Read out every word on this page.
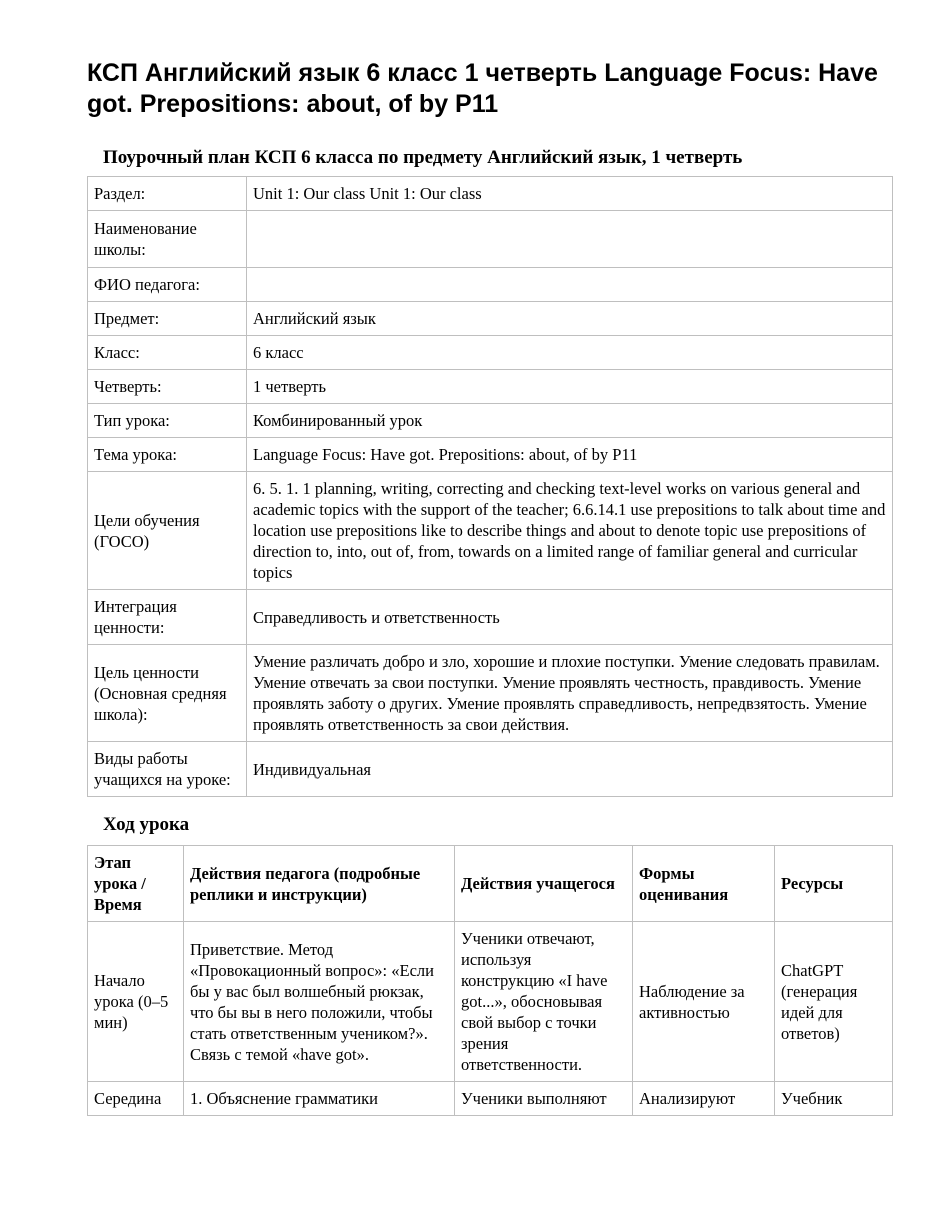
КСП Английский язык 6 класс 1 четверть Language Focus: Have got. Prepositions: about, of by P11
Поурочный план КСП 6 класса по предмету Английский язык, 1 четверть
Раздел:	Unit 1: Our class Unit 1: Our class
Наименование школы:	
ФИО педагога:	
Предмет:	Английский язык
Класс:	6 класс
Четверть:	1 четверть
Тип урока:	Комбинированный урок
Тема урока:	Language Focus: Have got. Prepositions: about, of by P11
Цели обучения (ГОСО)	6. 5. 1. 1 planning, writing, correcting and checking text-level works on various general and academic topics with the support of the teacher; 6.6.14.1 use prepositions to talk about time and location use prepositions like to describe things and about to denote topic use prepositions of direction to, into, out of, from, towards on a limited range of familiar general and curricular topics
Интеграция ценности:	Справедливость и ответственность
Цель ценности (Основная средняя школа):	Умение различать добро и зло, хорошие и плохие поступки. Умение следовать правилам. Умение отвечать за свои поступки. Умение проявлять честность, правдивость. Умение проявлять заботу о других. Умение проявлять справедливость, непредвзятость. Умение проявлять ответственность за свои действия.
Виды работы учащихся на уроке:	Индивидуальная
Ход урока
Этап урока / Время	Действия педагога (подробные реплики и инструкции)	Действия учащегося	Формы оценивания	Ресурсы
Начало урока (0–5 мин)	Приветствие. Метод «Провокационный вопрос»: «Если бы у вас был волшебный рюкзак, что бы вы в него положили, чтобы стать ответственным учеником?». Связь с темой «have got».	Ученики отвечают, используя конструкцию «I have got...», обосновывая свой выбор с точки зрения ответственности.	Наблюдение за активностью	ChatGPT (генерация идей для ответов)
Середина	1. Объяснение грамматики	Ученики выполняют	Анализируют	Учебник
